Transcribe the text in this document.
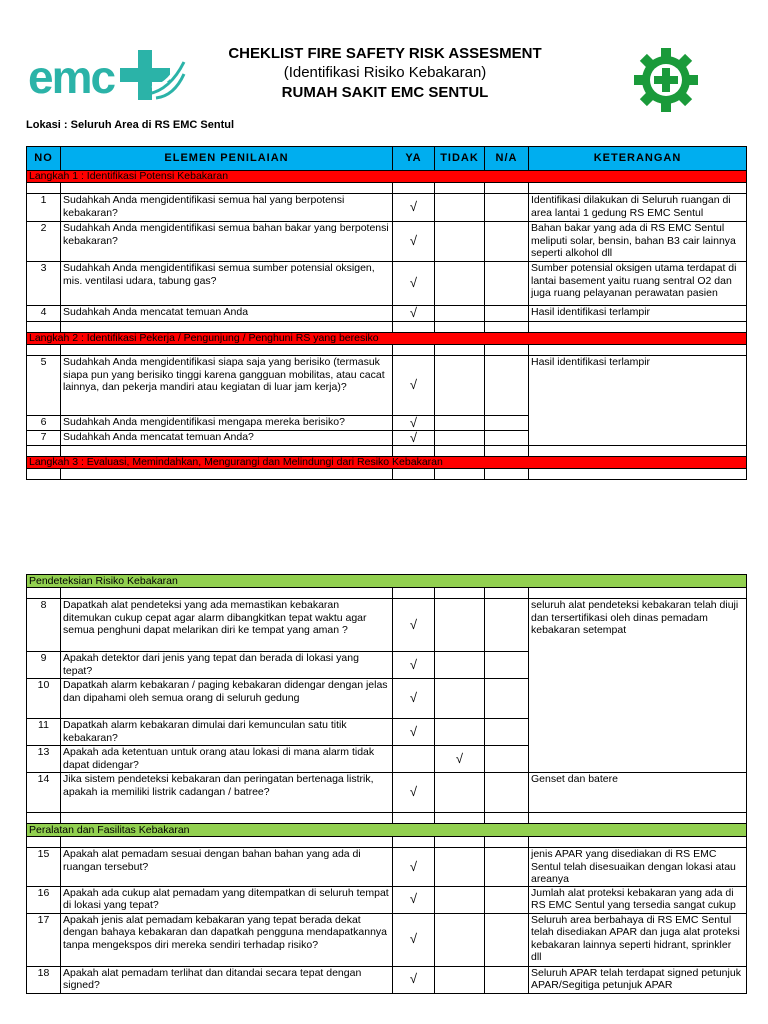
emc	CHEKLIST FIRE SAFETY RISK ASSESMENT
(Identifikasi Risiko Kebakaran)
RUMAH SAKIT EMC SENTUL
Lokasi : Seluruh Area di RS EMC Sentul
NO	ELEMEN PENILAIAN	YA	TIDAK	N/A	KETERANGAN
Langkah 1 : Identifikasi Potensi Kebakaran					

1	Sudahkah Anda mengidentifikasi semua hal yang berpotensi kebakaran?	√			Identifikasi dilakukan di Seluruh ruangan di area lantai 1 gedung RS EMC Sentul
2	Sudahkah Anda mengidentifikasi semua bahan bakar yang berpotensi kebakaran?	√			Bahan bakar yang ada di RS EMC Sentul meliputi solar, bensin, bahan B3 cair lainnya seperti alkohol dll
3	Sudahkah Anda mengidentifikasi semua sumber potensial oksigen, mis. ventilasi udara, tabung gas?	√			Sumber potensial oksigen utama terdapat di lantai basement yaitu ruang sentral O2 dan juga ruang pelayanan perawatan pasien
4	Sudahkah Anda mencatat temuan Anda	√			Hasil identifikasi terlampir

Langkah 2 : Identifikasi Pekerja / Pengunjung / Penghuni RS yang beresiko					

5	Sudahkah Anda mengidentifikasi siapa saja yang berisiko (termasuk siapa pun yang berisiko tinggi karena gangguan mobilitas, atau cacat lainnya, dan pekerja mandiri atau kegiatan di luar jam kerja)?	√			Hasil identifikasi terlampir
6	Sudahkah Anda mengidentifikasi mengapa mereka berisiko?	√			
7	Sudahkah Anda mencatat temuan Anda?	√			

Langkah 3 : Evaluasi, Memindahkan, Mengurangi dan Melindungi dari Resiko Kebakaran					

Pendeteksian Risiko Kebakaran					

8	Dapatkah alat pendeteksi yang ada memastikan kebakaran ditemukan cukup cepat agar alarm dibangkitkan tepat waktu agar semua penghuni dapat melarikan diri ke tempat yang aman ?	√			seluruh alat pendeteksi kebakaran telah diuji dan tersertifikasi oleh dinas pemadam kebakaran setempat
9	Apakah detektor dari jenis yang tepat dan berada di lokasi yang tepat?	√			
10	Dapatkah alarm kebakaran / paging kebakaran didengar dengan jelas dan dipahami oleh semua orang di seluruh gedung	√			
11	Dapatkah alarm kebakaran dimulai dari kemunculan satu titik kebakaran?	√			
13	Apakah ada ketentuan untuk orang atau lokasi di mana alarm tidak dapat didengar?		√		
14	Jika sistem pendeteksi kebakaran dan peringatan bertenaga listrik, apakah ia memiliki listrik cadangan / batree?	√			Genset dan batere

Peralatan dan Fasilitas Kebakaran					

15	Apakah alat pemadam sesuai dengan bahan bahan yang ada di ruangan tersebut?	√			jenis APAR yang disediakan di RS EMC Sentul telah disesuaikan dengan lokasi atau areanya
16	Apakah ada cukup alat pemadam yang ditempatkan di seluruh tempat di lokasi yang tepat?	√			Jumlah alat proteksi kebakaran yang ada di RS EMC Sentul yang tersedia sangat cukup
17	Apakah jenis alat pemadam kebakaran yang tepat berada dekat dengan bahaya kebakaran dan dapatkah pengguna mendapatkannya tanpa mengekspos diri mereka sendiri terhadap risiko?	√			Seluruh area berbahaya di RS EMC Sentul telah disediakan APAR dan juga alat proteksi kebakaran lainnya seperti hidrant, sprinkler dll
18	Apakah alat pemadam terlihat dan ditandai secara tepat dengan signed?	√			Seluruh APAR telah terdapat signed petunjuk APAR/Segitiga petunjuk APAR
